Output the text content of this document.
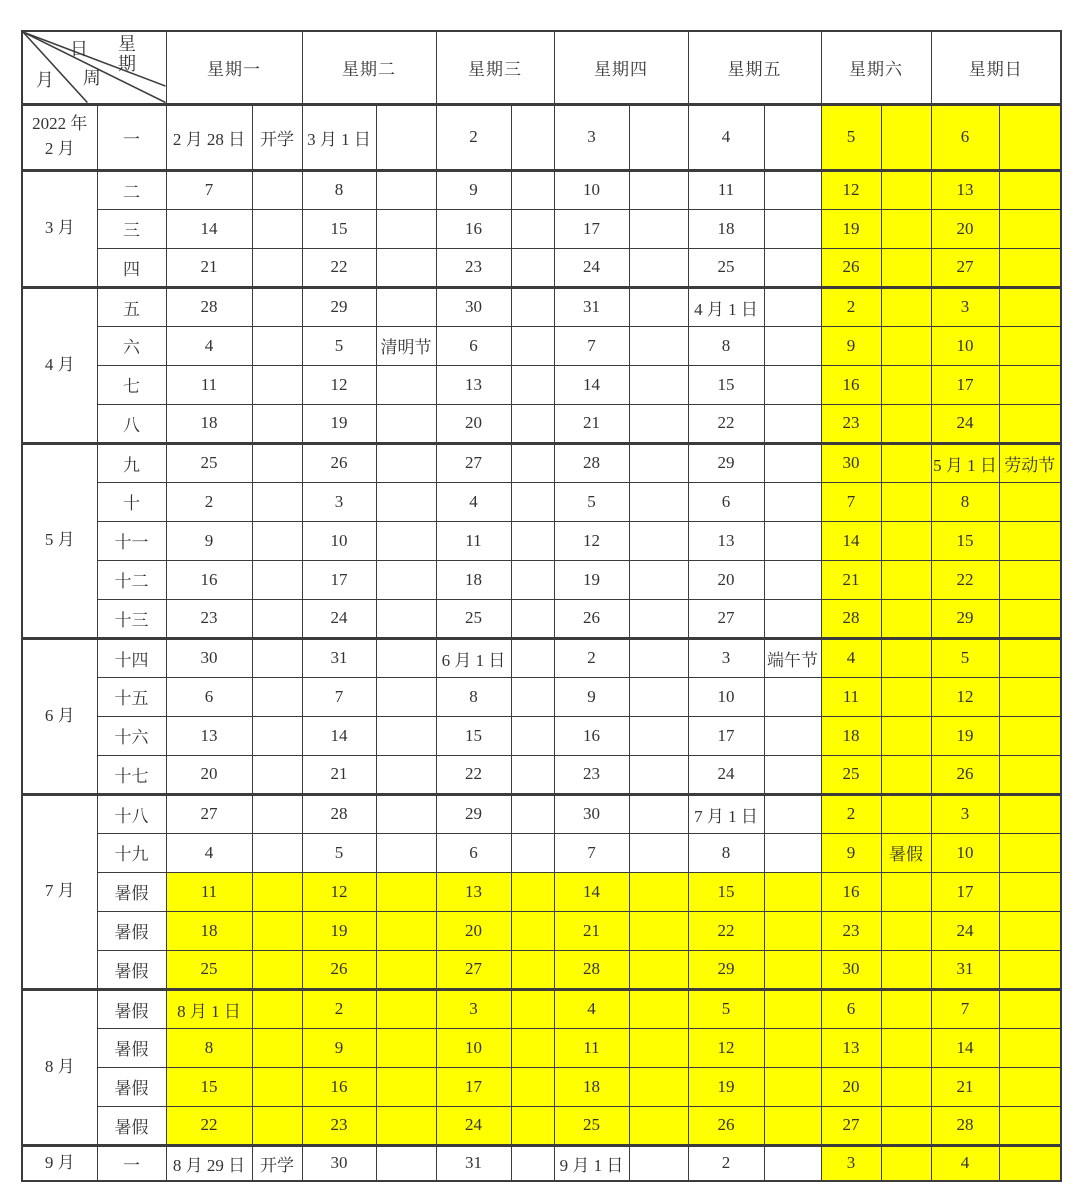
日 星期
月 周		星期一		星期二		星期三		星期四		星期五		星期六		星期日	

2022 年
2 月	一	2 月 28 日	开学	3 月 1 日		2		3		4		5		6	

3 月	二	7		8		9		10		11		12		13	
	三	14		15		16		17		18		19		20	
	四	21		22		23		24		25		26		27	

4 月	五	28		29		30		31		4 月 1 日		2		3	
	六	4		5	清明节	6		7		8		9		10	
	七	11		12		13		14		15		16		17	
	八	18		19		20		21		22		23		24	

5 月	九	25		26		27		28		29		30		5 月 1 日	劳动节
	十	2		3		4		5		6		7		8	
	十一	9		10		11		12		13		14		15	
	十二	16		17		18		19		20		21		22	
	十三	23		24		25		26		27		28		29	

6 月	十四	30		31		6 月 1 日		2		3	端午节	4		5	
	十五	6		7		8		9		10		11		12	
	十六	13		14		15		16		17		18		19	
	十七	20		21		22		23		24		25		26	

7 月	十八	27		28		29		30		7 月 1 日		2		3	
	十九	4		5		6		7		8		9	暑假	10	
	暑假	11		12		13		14		15		16		17	
	暑假	18		19		20		21		22		23		24	
	暑假	25		26		27		28		29		30		31	

8 月	暑假	8 月 1 日		2		3		4		5		6		7	
	暑假	8		9		10		11		12		13		14	
	暑假	15		16		17		18		19		20		21	
	暑假	22		23		24		25		26		27		28	

9 月	一	8 月 29 日	开学	30		31		9 月 1 日		2		3		4	
